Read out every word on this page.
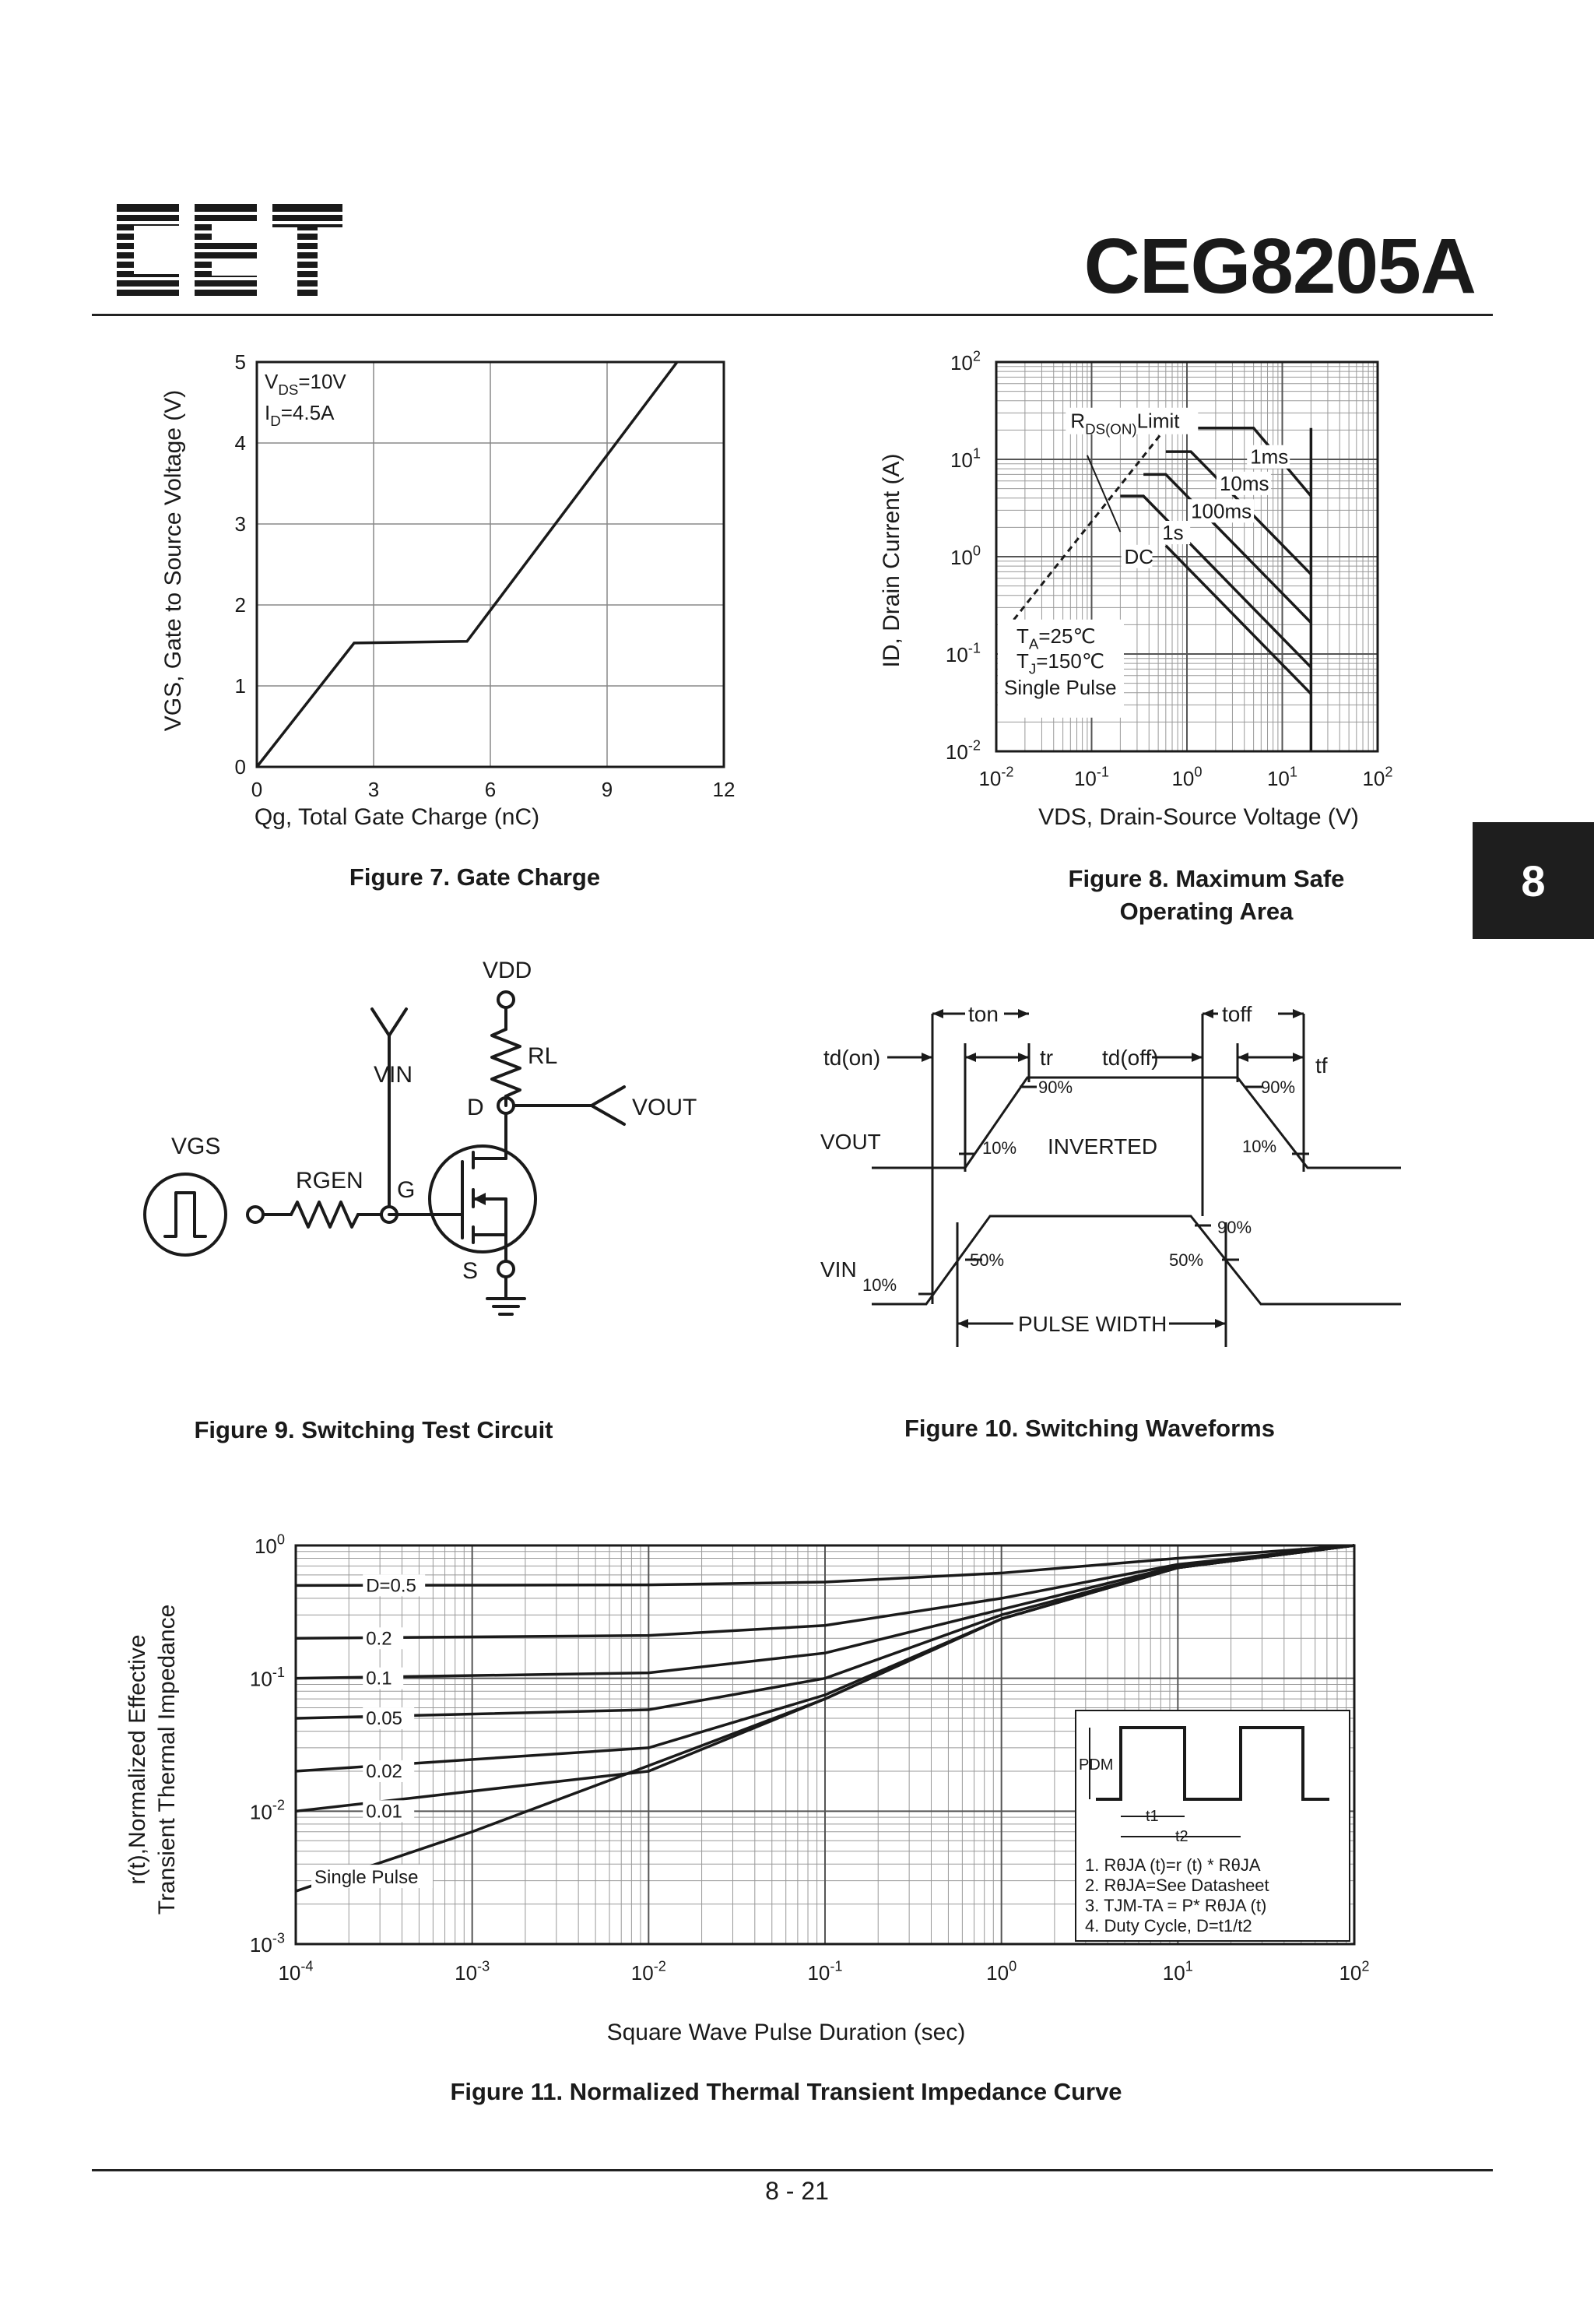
CEG8205A
8
VGS, Gate to Source Voltage (V)
Qg, Total Gate Charge (nC)
0	3	6	9	12
0
1
2
3
4
5
$V_{DS}=10V$
$I_D=4.5A$
Figure 7. Gate Charge
ID, Drain Current (A)
VDS, Drain-Source Voltage (V)
$10^{-2}$	$10^{-1}$	$10^0$	$10^1$	$10^2$
$10^{-2}$
$10^{-1}$
$10^0$
$10^1$
$10^2$
1ms
10ms
100ms
1s
DC
$R_{DS(ON)}Limit$
$T_A=25℃$
$T_J=150℃$
Single Pulse
Figure 8. Maximum Safe
Operating Area
VDD
RL
VIN
D	VOUT
VGS
RGEN G
S
Figure 9. Switching Test Circuit
ton	toff
td(on)	tr td(off)	tf
VOUT	INVERTED
VIN
PULSE WIDTH
90%
10%
90%
10%
10%
50%	50%
90%
Figure 10. Switching Waveforms
r(t),Normalized Effective Transient Thermal Impedance
Square Wave Pulse Duration (sec)
$10^{-4}$	$10^{-3}$	$10^{-2}$	$10^{-1}$	$10^0$	$10^1$	$10^2$
$10^{-3}$
$10^{-2}$
$10^{-1}$
$10^0$
D=0.5
0.2
0.1
0.05
0.02
0.01
Single Pulse
PDM
t1
t2
1. RθJA (t)=r (t) * RθJA
2. RθJA=See Datasheet
3. TJM-TA = P* RθJA (t)
4. Duty Cycle, D=t1/t2
Figure 11. Normalized Thermal Transient Impedance Curve
8 - 21
